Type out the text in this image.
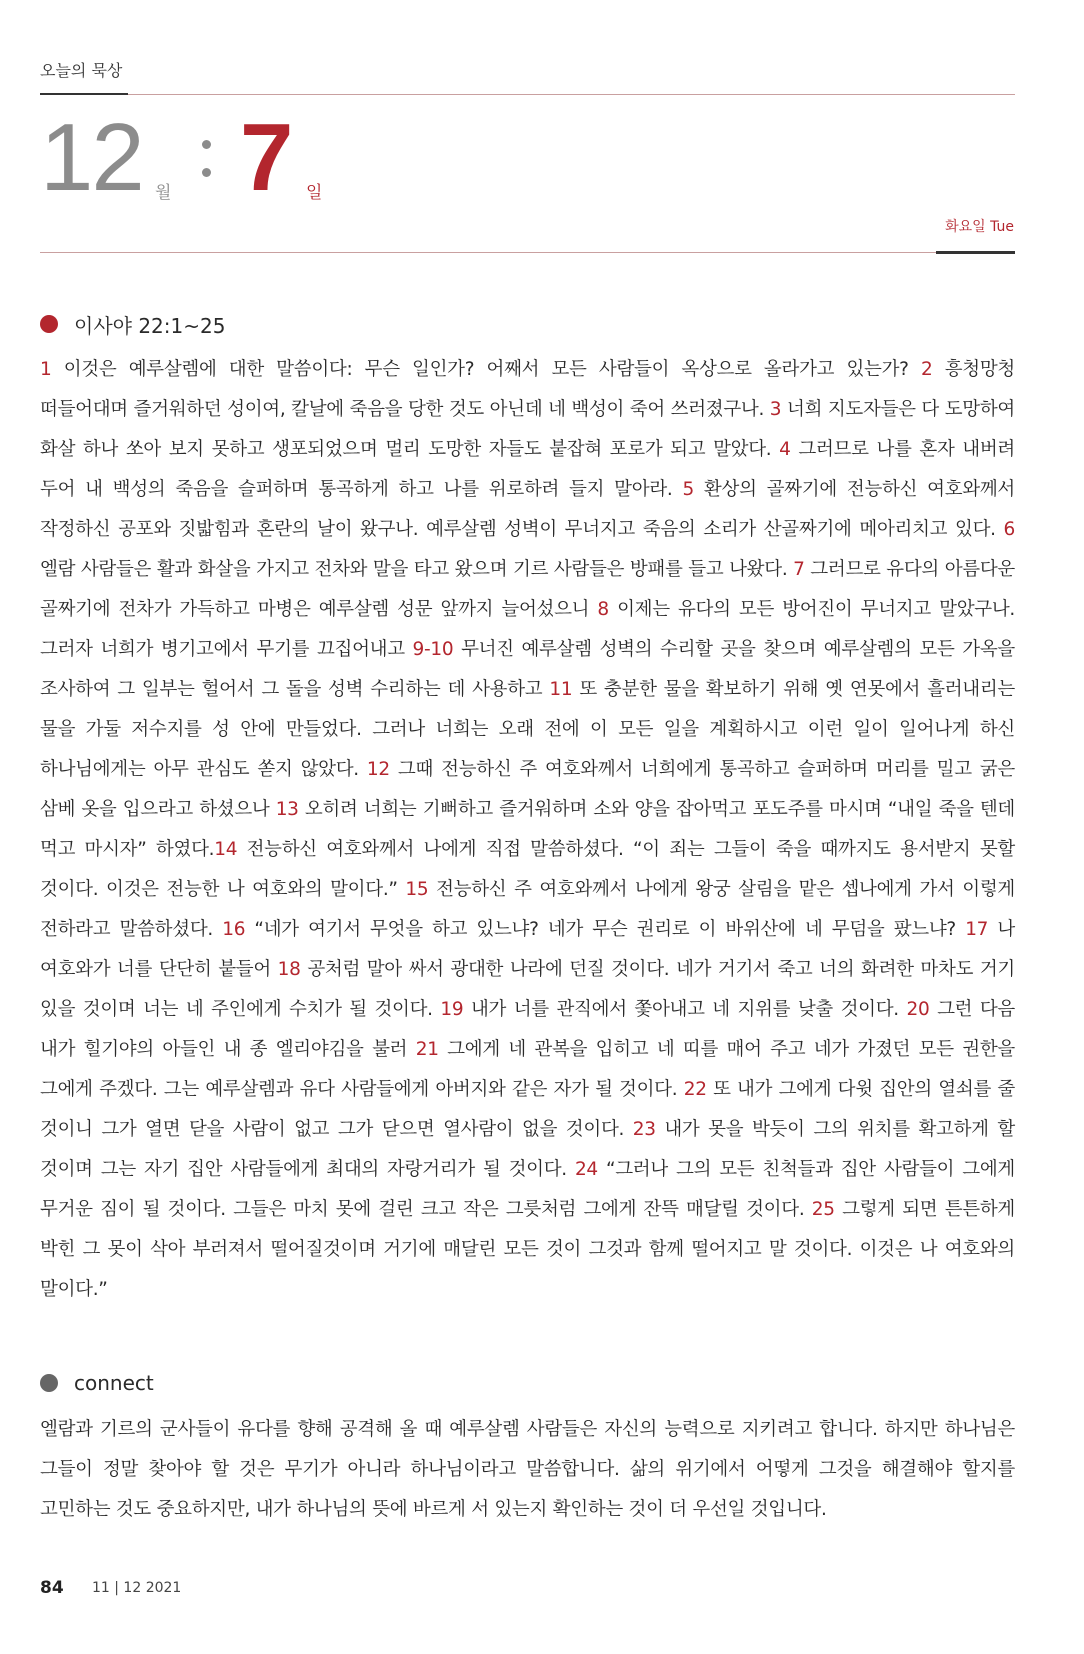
오늘의 묵상
12 월 7 일
화요일 Tue
이사야 22:1~25
1 이것은 예루살렘에 대한 말씀이다: 무슨 일인가? 어째서 모든 사람들이 옥상으로 올라가고 있는가? 2 흥청망청 떠들어대며 즐거워하던 성이여, 칼날에 죽음을 당한 것도 아닌데 네 백성이 죽어 쓰러졌구나. 3 너희 지도자들은 다 도망하여 화살 하나 쏘아 보지 못하고 생포되었으며 멀리 도망한 자들도 붙잡혀 포로가 되고 말았다. 4 그러므로 나를 혼자 내버려 두어 내 백성의 죽음을 슬퍼하며 통곡하게 하고 나를 위로하려 들지 말아라. 5 환상의 골짜기에 전능하신 여호와께서 작정하신 공포와 짓밟힘과 혼란의 날이 왔구나. 예루살렘 성벽이 무너지고 죽음의 소리가 산골짜기에 메아리치고 있다. 6 엘람 사람들은 활과 화살을 가지고 전차와 말을 타고 왔으며 기르 사람들은 방패를 들고 나왔다. 7 그러므로 유다의 아름다운 골짜기에 전차가 가득하고 마병은 예루살렘 성문 앞까지 늘어섰으니 8 이제는 유다의 모든 방어진이 무너지고 말았구나. 그러자 너희가 병기고에서 무기를 끄집어내고 9-10 무너진 예루살렘 성벽의 수리할 곳을 찾으며 예루살렘의 모든 가옥을 조사하여 그 일부는 헐어서 그 돌을 성벽 수리하는 데 사용하고 11 또 충분한 물을 확보하기 위해 옛 연못에서 흘러내리는 물을 가둘 저수지를 성 안에 만들었다. 그러나 너희는 오래 전에 이 모든 일을 계획하시고 이런 일이 일어나게 하신 하나님에게는 아무 관심도 쏟지 않았다. 12 그때 전능하신 주 여호와께서 너희에게 통곡하고 슬퍼하며 머리를 밀고 굵은 삼베 옷을 입으라고 하셨으나 13 오히려 너희는 기뻐하고 즐거워하며 소와 양을 잡아먹고 포도주를 마시며 “내일 죽을 텐데 먹고 마시자” 하였다.14 전능하신 여호와께서 나에게 직접 말씀하셨다. “이 죄는 그들이 죽을 때까지도 용서받지 못할 것이다. 이것은 전능한 나 여호와의 말이다.” 15 전능하신 주 여호와께서 나에게 왕궁 살림을 맡은 셉나에게 가서 이렇게 전하라고 말씀하셨다. 16 “네가 여기서 무엇을 하고 있느냐? 네가 무슨 권리로 이 바위산에 네 무덤을 팠느냐? 17 나 여호와가 너를 단단히 붙들어 18 공처럼 말아 싸서 광대한 나라에 던질 것이다. 네가 거기서 죽고 너의 화려한 마차도 거기 있을 것이며 너는 네 주인에게 수치가 될 것이다. 19 내가 너를 관직에서 쫓아내고 네 지위를 낮출 것이다. 20 그런 다음 내가 힐기야의 아들인 내 종 엘리야김을 불러 21 그에게 네 관복을 입히고 네 띠를 매어 주고 네가 가졌던 모든 권한을 그에게 주겠다. 그는 예루살렘과 유다 사람들에게 아버지와 같은 자가 될 것이다. 22 또 내가 그에게 다윗 집안의 열쇠를 줄 것이니 그가 열면 닫을 사람이 없고 그가 닫으면 열사람이 없을 것이다. 23 내가 못을 박듯이 그의 위치를 확고하게 할 것이며 그는 자기 집안 사람들에게 최대의 자랑거리가 될 것이다. 24 “그러나 그의 모든 친척들과 집안 사람들이 그에게 무거운 짐이 될 것이다. 그들은 마치 못에 걸린 크고 작은 그릇처럼 그에게 잔뜩 매달릴 것이다. 25 그렇게 되면 튼튼하게 박힌 그 못이 삭아 부러져서 떨어질것이며 거기에 매달린 모든 것이 그것과 함께 떨어지고 말 것이다. 이것은 나 여호와의 말이다.”
connect
엘람과 기르의 군사들이 유다를 향해 공격해 올 때 예루살렘 사람들은 자신의 능력으로 지키려고 합니다. 하지만 하나님은 그들이 정말 찾아야 할 것은 무기가 아니라 하나님이라고 말씀합니다. 삶의 위기에서 어떻게 그것을 해결해야 할지를 고민하는 것도 중요하지만, 내가 하나님의 뜻에 바르게 서 있는지 확인하는 것이 더 우선일 것입니다.
84 11 | 12 2021
